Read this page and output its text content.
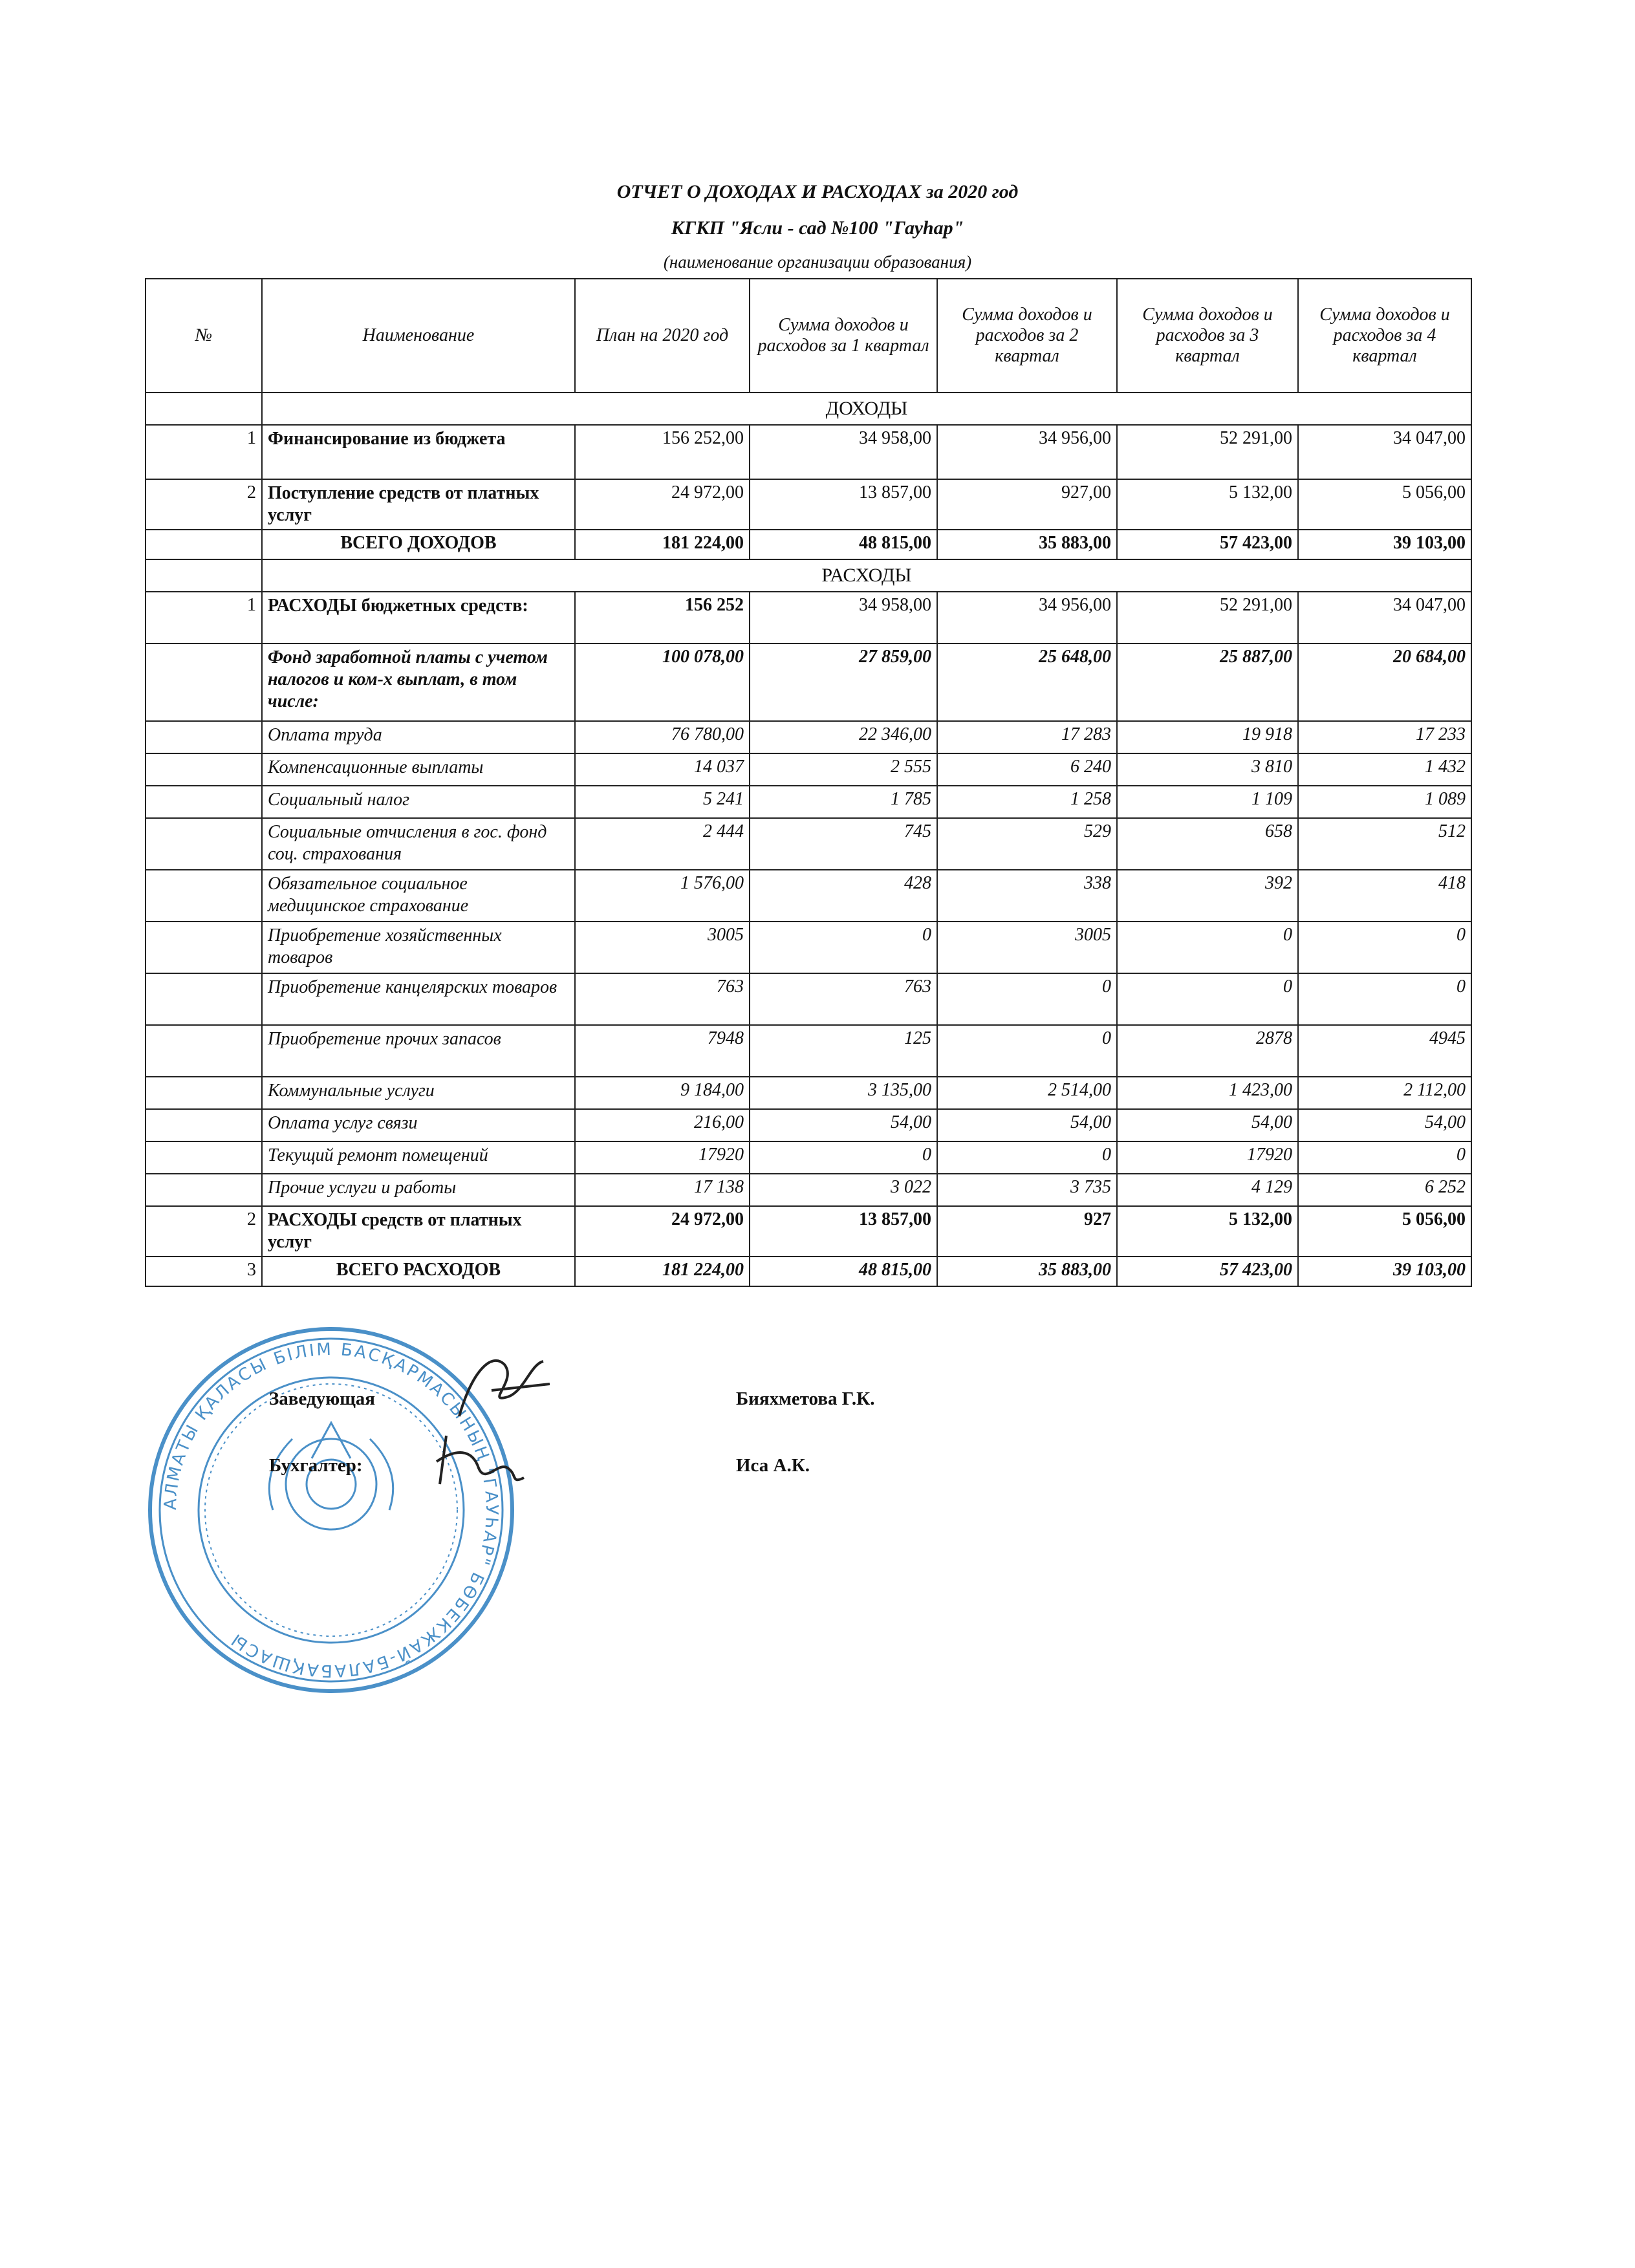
ОТЧЕТ О ДОХОДАХ И РАСХОДАХ за 2020 год
КГКП "Ясли - сад №100 "Гауһар"
(наименование организации образования)
№	Наименование	План на 2020 год	Сумма доходов и расходов за 1 квартал	Сумма доходов и расходов за 2 квартал	Сумма доходов и расходов за 3 квартал	Сумма доходов и расходов за 4 квартал
	ДОХОДЫ					
1	Финансирование из бюджета	156 252,00	34 958,00	34 956,00	52 291,00	34 047,00
2	Поступление средств от платных услуг	24 972,00	13 857,00	927,00	5 132,00	5 056,00
	ВСЕГО ДОХОДОВ	181 224,00	48 815,00	35 883,00	57 423,00	39 103,00
	РАСХОДЫ					
1	РАСХОДЫ бюджетных средств:	156 252	34 958,00	34 956,00	52 291,00	34 047,00
	Фонд заработной платы с учетом налогов и ком-х выплат, в том числе:	100 078,00	27 859,00	25 648,00	25 887,00	20 684,00
	Оплата труда	76 780,00	22 346,00	17 283	19 918	17 233
	Компенсационные выплаты	14 037	2 555	6 240	3 810	1 432
	Социальный налог	5 241	1 785	1 258	1 109	1 089
	Социальные отчисления в гос. фонд соц. страхования	2 444	745	529	658	512
	Обязательное социальное медицинское страхование	1 576,00	428	338	392	418
	Приобретение хозяйственных товаров	3005	0	3005	0	0
	Приобретение канцелярских товаров	763	763	0	0	0
	Приобретение прочих запасов	7948	125	0	2878	4945
	Коммунальные услуги	9 184,00	3 135,00	2 514,00	1 423,00	2 112,00
	Оплата услуг связи	216,00	54,00	54,00	54,00	54,00
	Текущий ремонт помещений	17920	0	0	17920	0
	Прочие услуги и работы	17 138	3 022	3 735	4 129	6 252
2	РАСХОДЫ средств от платных услуг	24 972,00	13 857,00	927	5 132,00	5 056,00
3	ВСЕГО РАСХОДОВ	181 224,00	48 815,00	35 883,00	57 423,00	39 103,00
АЛМАТЫ ҚАЛАСЫ БІЛІМ БАСҚАРМАСЫНЫҢ "ГАУҺАР" БӨБЕКЖАЙ-БАЛАБАҚШАСЫ
Заведующая	Бияхметова Г.К.
Бухгалтер:	Иса А.К.
